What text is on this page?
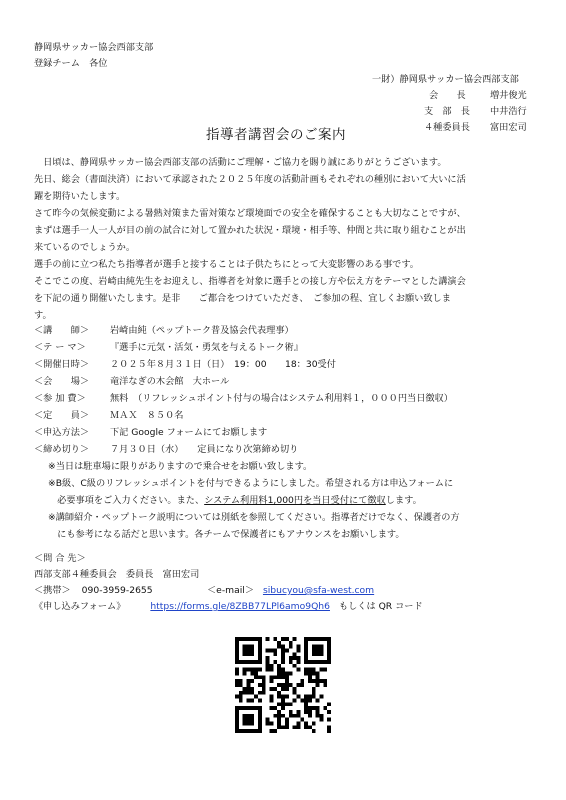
静岡県サッカー協会西部支部
登録チーム　各位
一財）静岡県サッカー協会西部支部
会　　長	増井俊光
支　部　長 中井浩行
４種委員長 富田宏司
指導者講習会のご案内

　日頃は、静岡県サッカー協会西部支部の活動にご理解・ご協力を賜り誠にありがとうございます。

先日、総会（書面決済）において承認された２０２５年度の活動計画もそれぞれの種別において大いに活

躍を期待いたします。

さて昨今の気候変動による暑熱対策また雷対策など環境面での安全を確保することも大切なことですが、

まずは選手一人一人が目の前の試合に対して置かれた状況・環境・相手等、仲間と共に取り組むことが出

来ているのでしょうか。

選手の前に立つ私たち指導者が選手と接することは子供たちにとって大変影響のある事です。

そこでこの度、岩崎由純先生をお迎えし、指導者を対象に選手との接し方や伝え方をテーマとした講演会

を下記の通り開催いたします。是非　　ご都合をつけていただき、　ご参加の程、宜しくお願い致しま

す。

＜講　　師＞ 岩崎由純（ペップトーク普及協会代表理事）
＜テ ー マ＞	『選手に元気・活気・勇気を与えるトーク術』
＜開催日時＞ ２０２５年８月３１日（日）　19：00　　18：30受付
＜会　　場＞ 竜洋なぎの木会館　大ホール
＜参 加 費＞	無料　（リフレッシュポイント付与の場合はシステム利用料１，０００円当日徴収）
＜定　　員＞ ＭＡＸ　８５０名
＜申込方法＞ 下記 Google フォームにてお願します
＜締め切り＞ ７月３０日（水）　　定員になり次第締め切り
※当日は駐車場に限りがありますので乗合せをお願い致します。
※B級、C級のリフレッシュポイントを付与できるようにしました。希望される方は申込フォームに
　必要事項をご入力ください。また、システム利用料1,000円を当日受付にて徴収します。
※講師紹介・ペップトーク説明については別紙を参照してください。指導者だけでなく、保護者の方
　にも参考になる話だと思います。各チームで保護者にもアナウンスをお願いします。
＜問 合 先＞
西部支部４種委員会　委員長　富田宏司
＜携帯＞ 090-3959-2655	＜e-mail＞ sibucyou@sfa-west.com
《申し込みフォーム》	https://forms.gle/8ZBB77LPl6amo9Qh6 もしくは QR コード
